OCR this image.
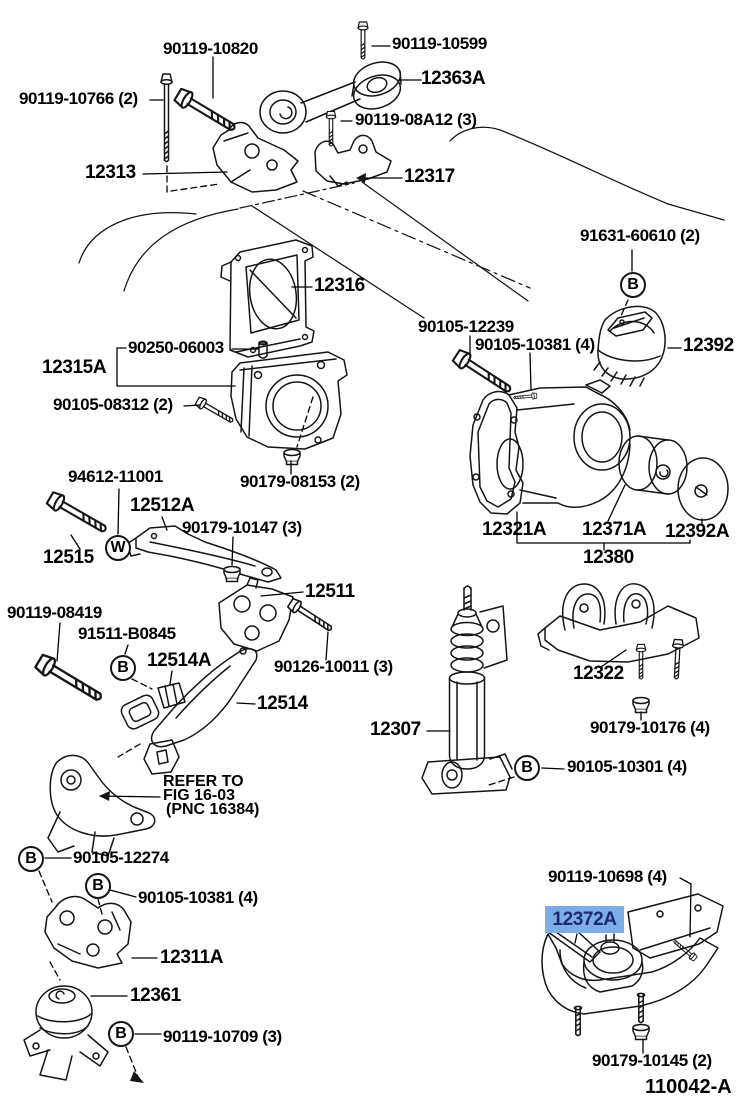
90119-10820	90119-10599
12363A
90119-10766 (2)
90119-08A12 (3)
12313	12317
91631-60610 (2)
12316
90105-12239
90105-10381 (4)	12392
90250-06003
12315A
90105-08312 (2)
90179-08153 (2)
94612-11001
12512A
90179-10147 (3)
12515
12511
90119-08419
91511-B0845
12514A	90126-10011 (3)
12514
12321A 12371A 12392A
12380
12322
90179-10176 (4)
12307
90105-10301 (4)
REFER TO
FIG 16-03
(PNC 16384)
90105-12274
90105-10381 (4)
12311A
12361
90119-10709 (3)
90119-10698 (4)
90179-10145 (2)
110042-A
12372A
B
W
B
B
B
B
B
